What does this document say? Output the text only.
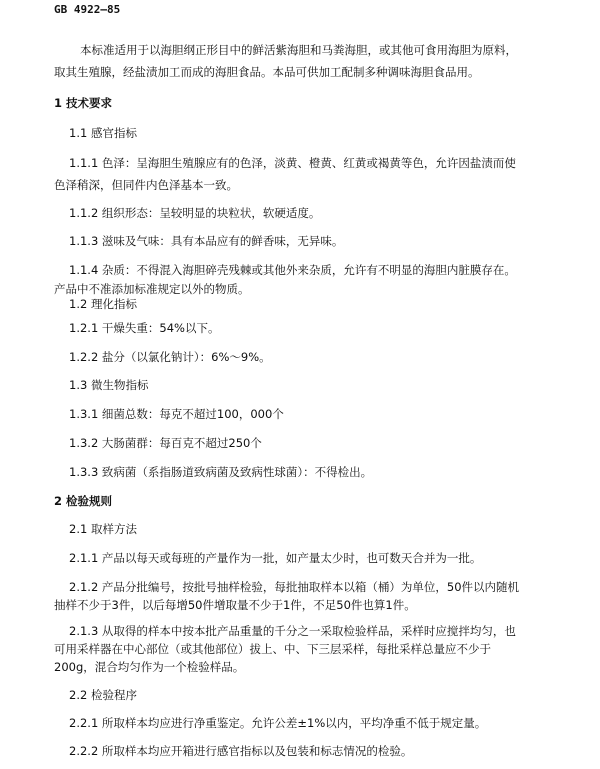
GB 4922—85
本标准适用于以海胆纲正形目中的鲜活紫海胆和马粪海胆，或其他可食用海胆为原料，
取其生殖腺，经盐渍加工而成的海胆食品。本品可供加工配制多种调味海胆食品用。
1 技术要求
1.1 感官指标
1.1.1 色泽：呈海胆生殖腺应有的色泽，淡黄、橙黄、红黄或褐黄等色，允许因盐渍而使
色泽稍深，但同件内色泽基本一致。
1.1.2 组织形态：呈较明显的块粒状，软硬适度。
1.1.3 滋味及气味：具有本品应有的鲜香味，无异味。
1.1.4 杂质：不得混入海胆碎壳残棘或其他外来杂质，允许有不明显的海胆内脏膜存在。
产品中不准添加标准规定以外的物质。
1.2 理化指标
1.2.1 干燥失重：54%以下。
1.2.2 盐分（以氯化钠计）：6%～9%。
1.3 微生物指标
1.3.1 细菌总数：每克不超过100，000个
1.3.2 大肠菌群：每百克不超过250个
1.3.3 致病菌（系指肠道致病菌及致病性球菌）：不得检出。
2 检验规则
2.1 取样方法
2.1.1 产品以每天或每班的产量作为一批，如产量太少时，也可数天合并为一批。
2.1.2 产品分批编号，按批号抽样检验，每批抽取样本以箱（桶）为单位，50件以内随机
抽样不少于3件，以后每增50件增取量不少于1件，不足50件也算1件。
2.1.3 从取得的样本中按本批产品重量的千分之一采取检验样品，采样时应搅拌均匀，也
可用采样器在中心部位（或其他部位）拔上、中、下三层采样，每批采样总量应不少于
200g，混合均匀作为一个检验样品。
2.2 检验程序
2.2.1 所取样本均应进行净重鉴定。允许公差±1%以内，平均净重不低于规定量。
2.2.2 所取样本均应开箱进行感官指标以及包装和标志情况的检验。
